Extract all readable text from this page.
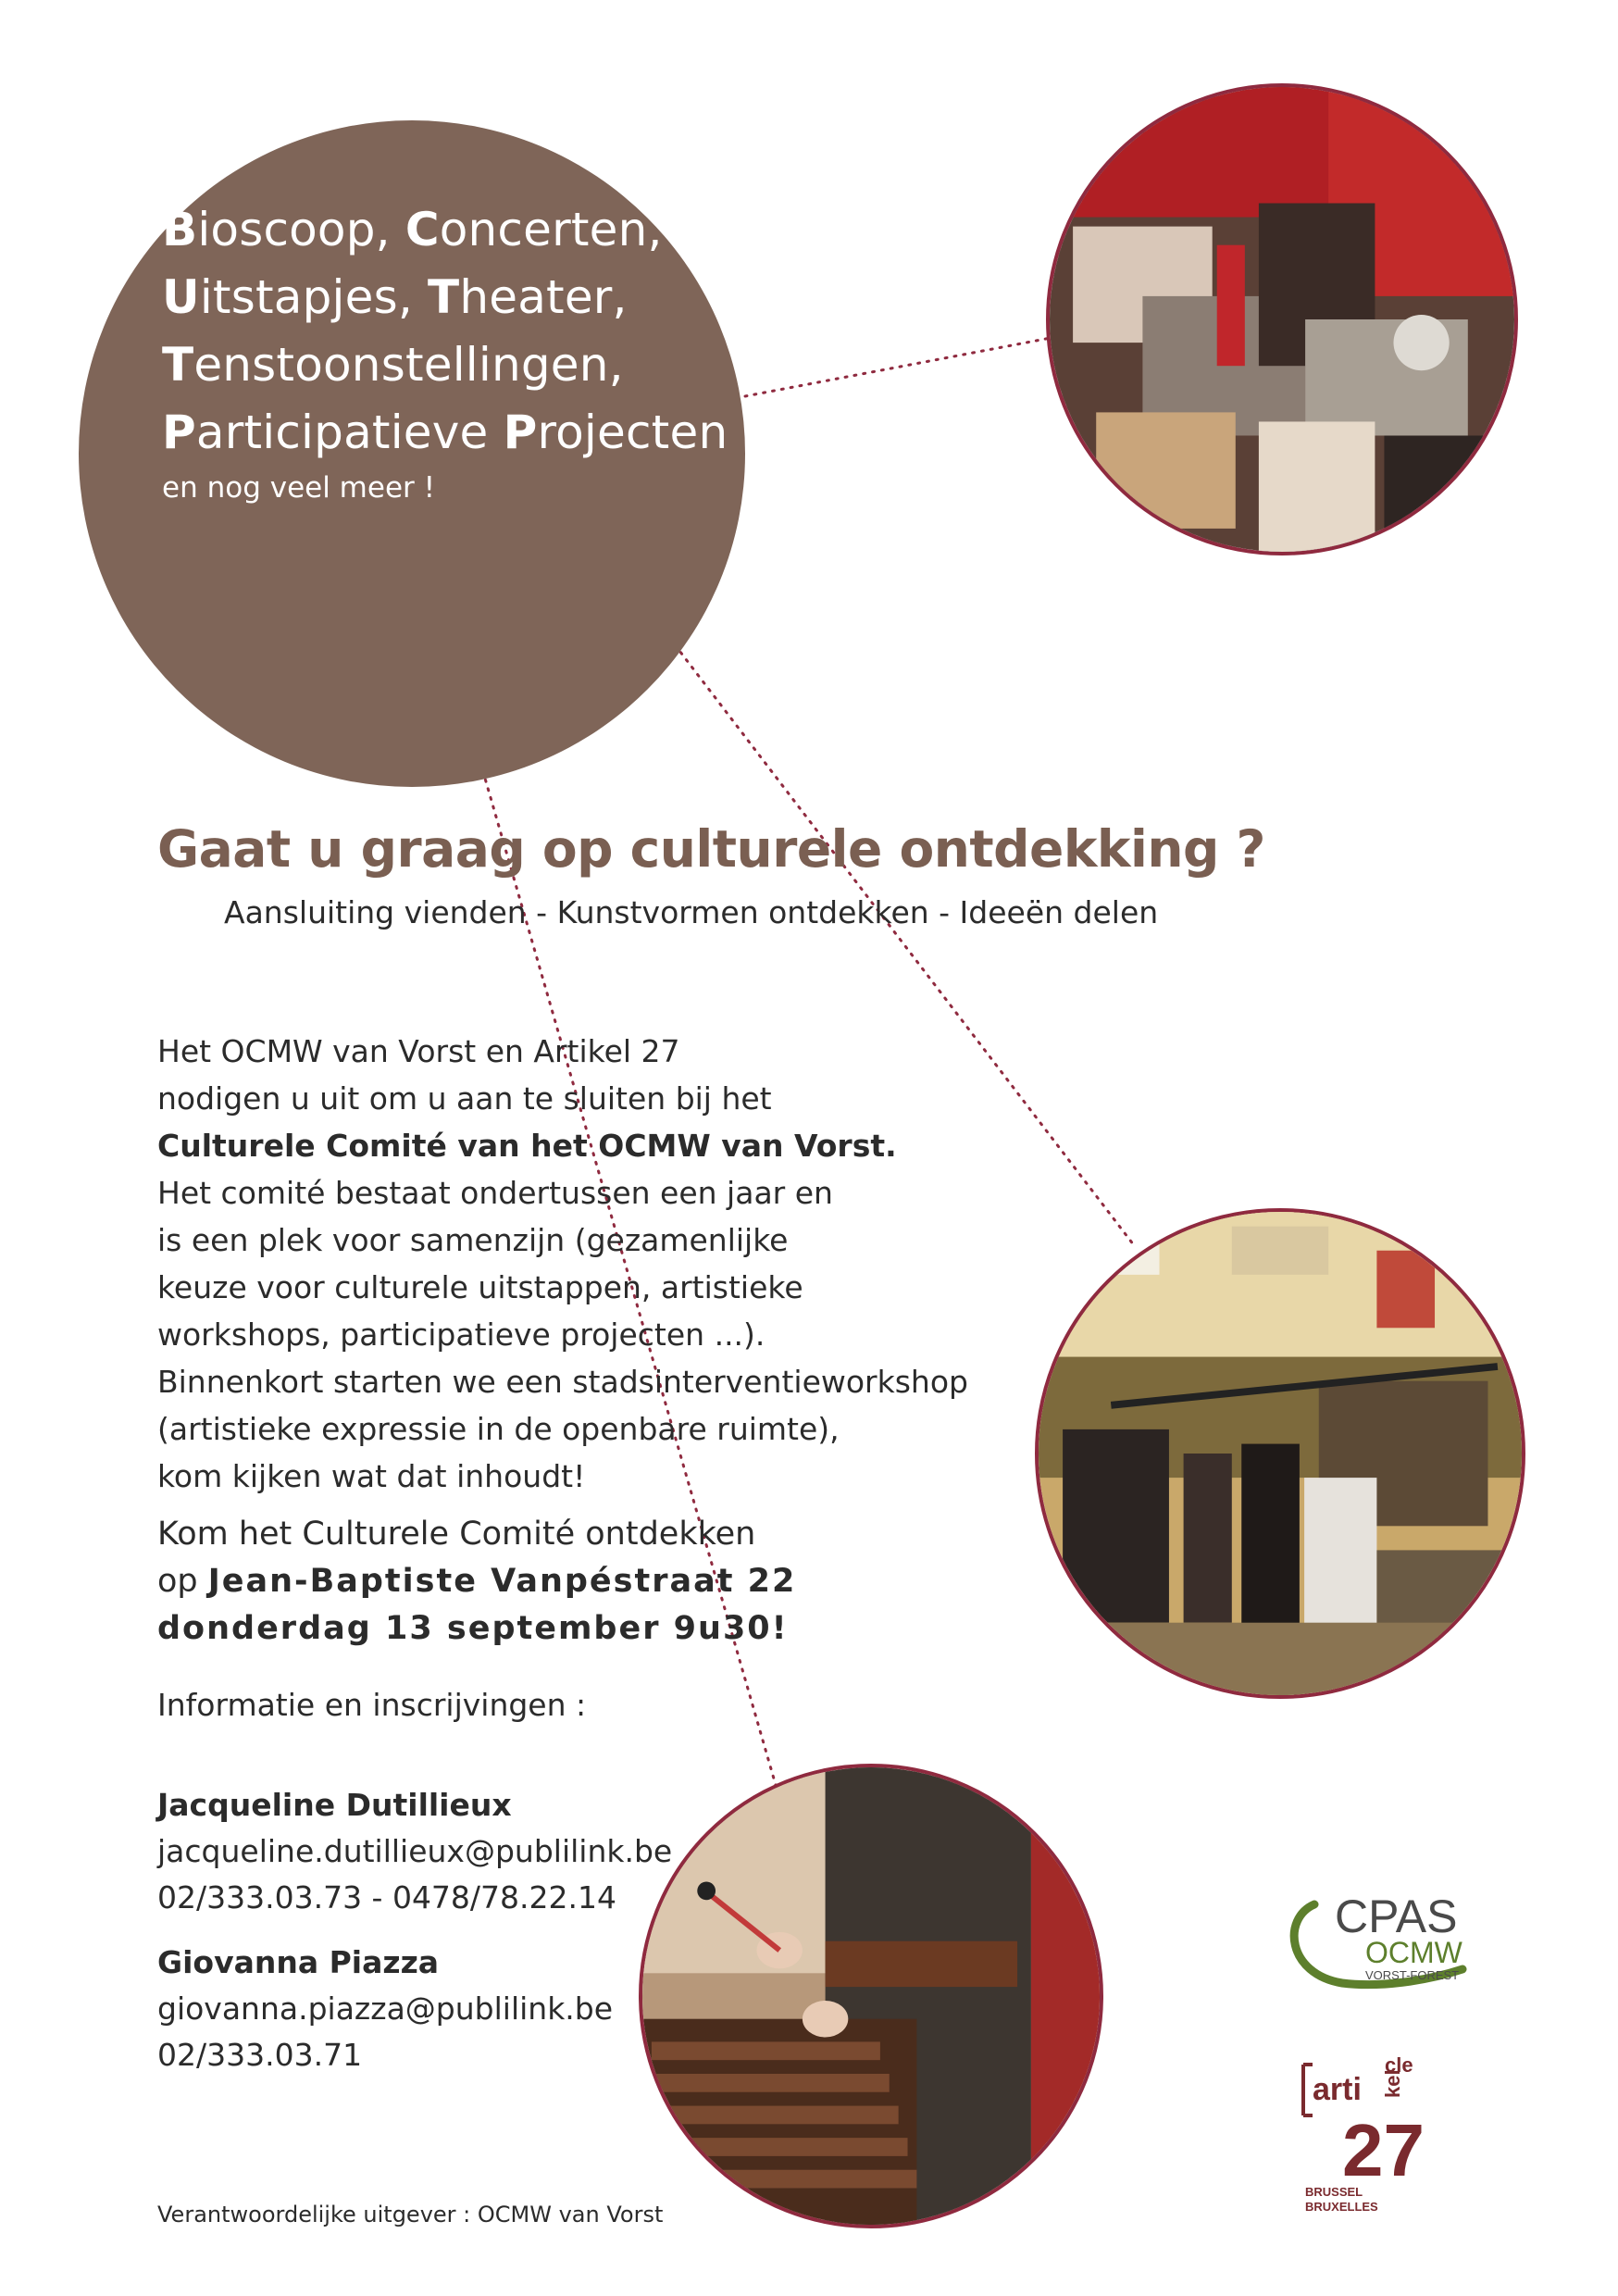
Bioscoop, Concerten,
Uitstapjes, Theater,
Tenstoonstellingen,
Participatieve Projecten
en nog veel meer !
Gaat u graag op culturele ontdekking ?
Aansluiting vienden - Kunstvormen ontdekken - Ideeën delen
Het OCMW van Vorst en Artikel 27
nodigen u uit om u aan te sluiten bij het
Culturele Comité van het OCMW van Vorst.
Het comité bestaat ondertussen een jaar en
is een plek voor samenzijn (gezamenlijke
keuze voor culturele uitstappen, artistieke
workshops, participatieve projecten ...).
Binnenkort starten we een stadsinterventieworkshop
(artistieke expressie in de openbare ruimte),
kom kijken wat dat inhoudt!
Kom het Culturele Comité ontdekken
op Jean-Baptiste Vanpéstraat 22
donderdag 13 september 9u30!
Informatie en inscrijvingen :
Jacqueline Dutillieux
jacqueline.dutillieux@publilink.be
02/333.03.73 - 0478/78.22.14
Giovanna Piazza
giovanna.piazza@publilink.be
02/333.03.71
CPAS
OCMW
VORST-FOREST
arti
cle
kel
27
BRUSSEL
BRUXELLES
Verantwoordelijke uitgever : OCMW van Vorst
